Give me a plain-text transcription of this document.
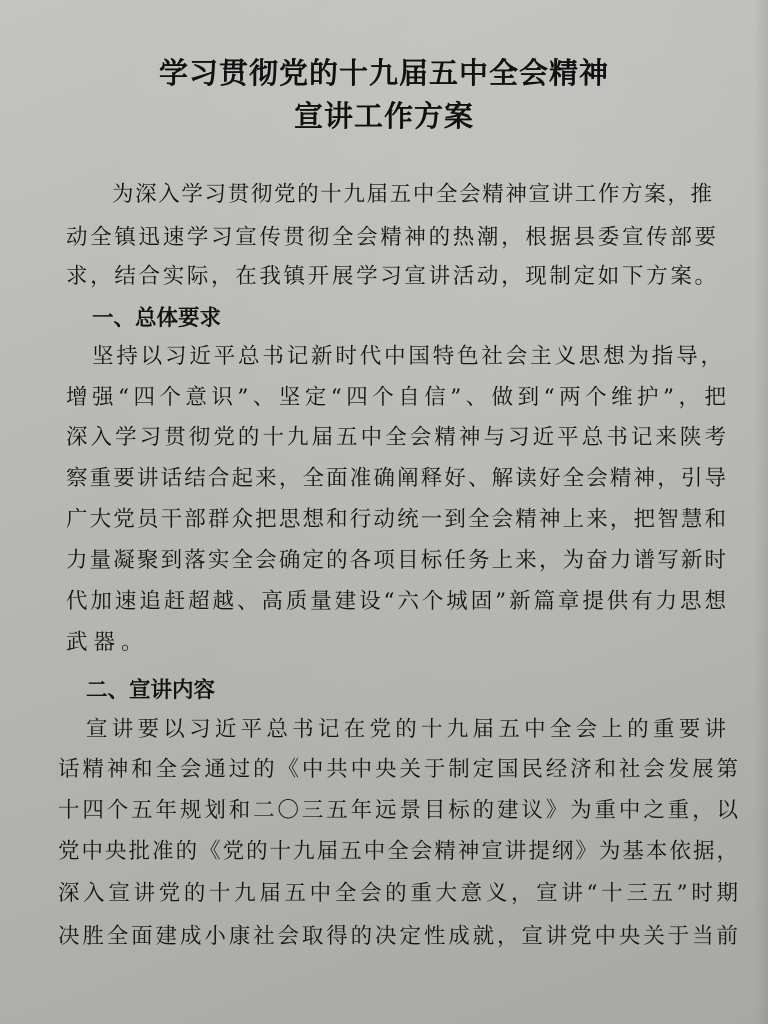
学习贯彻党的十九届五中全会精神
宣讲工作方案
为深入学习贯彻党的十九届五中全会精神宣讲工作方案，推
动全镇迅速学习宣传贯彻全会精神的热潮，根据县委宣传部要
求，结合实际，在我镇开展学习宣讲活动，现制定如下方案。
一、总体要求
坚持以习近平总书记新时代中国特色社会主义思想为指导，
增强“四个意识”、坚定“四个自信”、做到“两个维护”，把
深入学习贯彻党的十九届五中全会精神与习近平总书记来陕考
察重要讲话结合起来，全面准确阐释好、解读好全会精神，引导
广大党员干部群众把思想和行动统一到全会精神上来，把智慧和
力量凝聚到落实全会确定的各项目标任务上来，为奋力谱写新时
代加速追赶超越、高质量建设“六个城固”新篇章提供有力思想
武器。
二、宣讲内容
宣讲要以习近平总书记在党的十九届五中全会上的重要讲
话精神和全会通过的《中共中央关于制定国民经济和社会发展第
十四个五年规划和二〇三五年远景目标的建议》为重中之重，以
党中央批准的《党的十九届五中全会精神宣讲提纲》为基本依据，
深入宣讲党的十九届五中全会的重大意义，宣讲“十三五”时期
决胜全面建成小康社会取得的决定性成就，宣讲党中央关于当前
